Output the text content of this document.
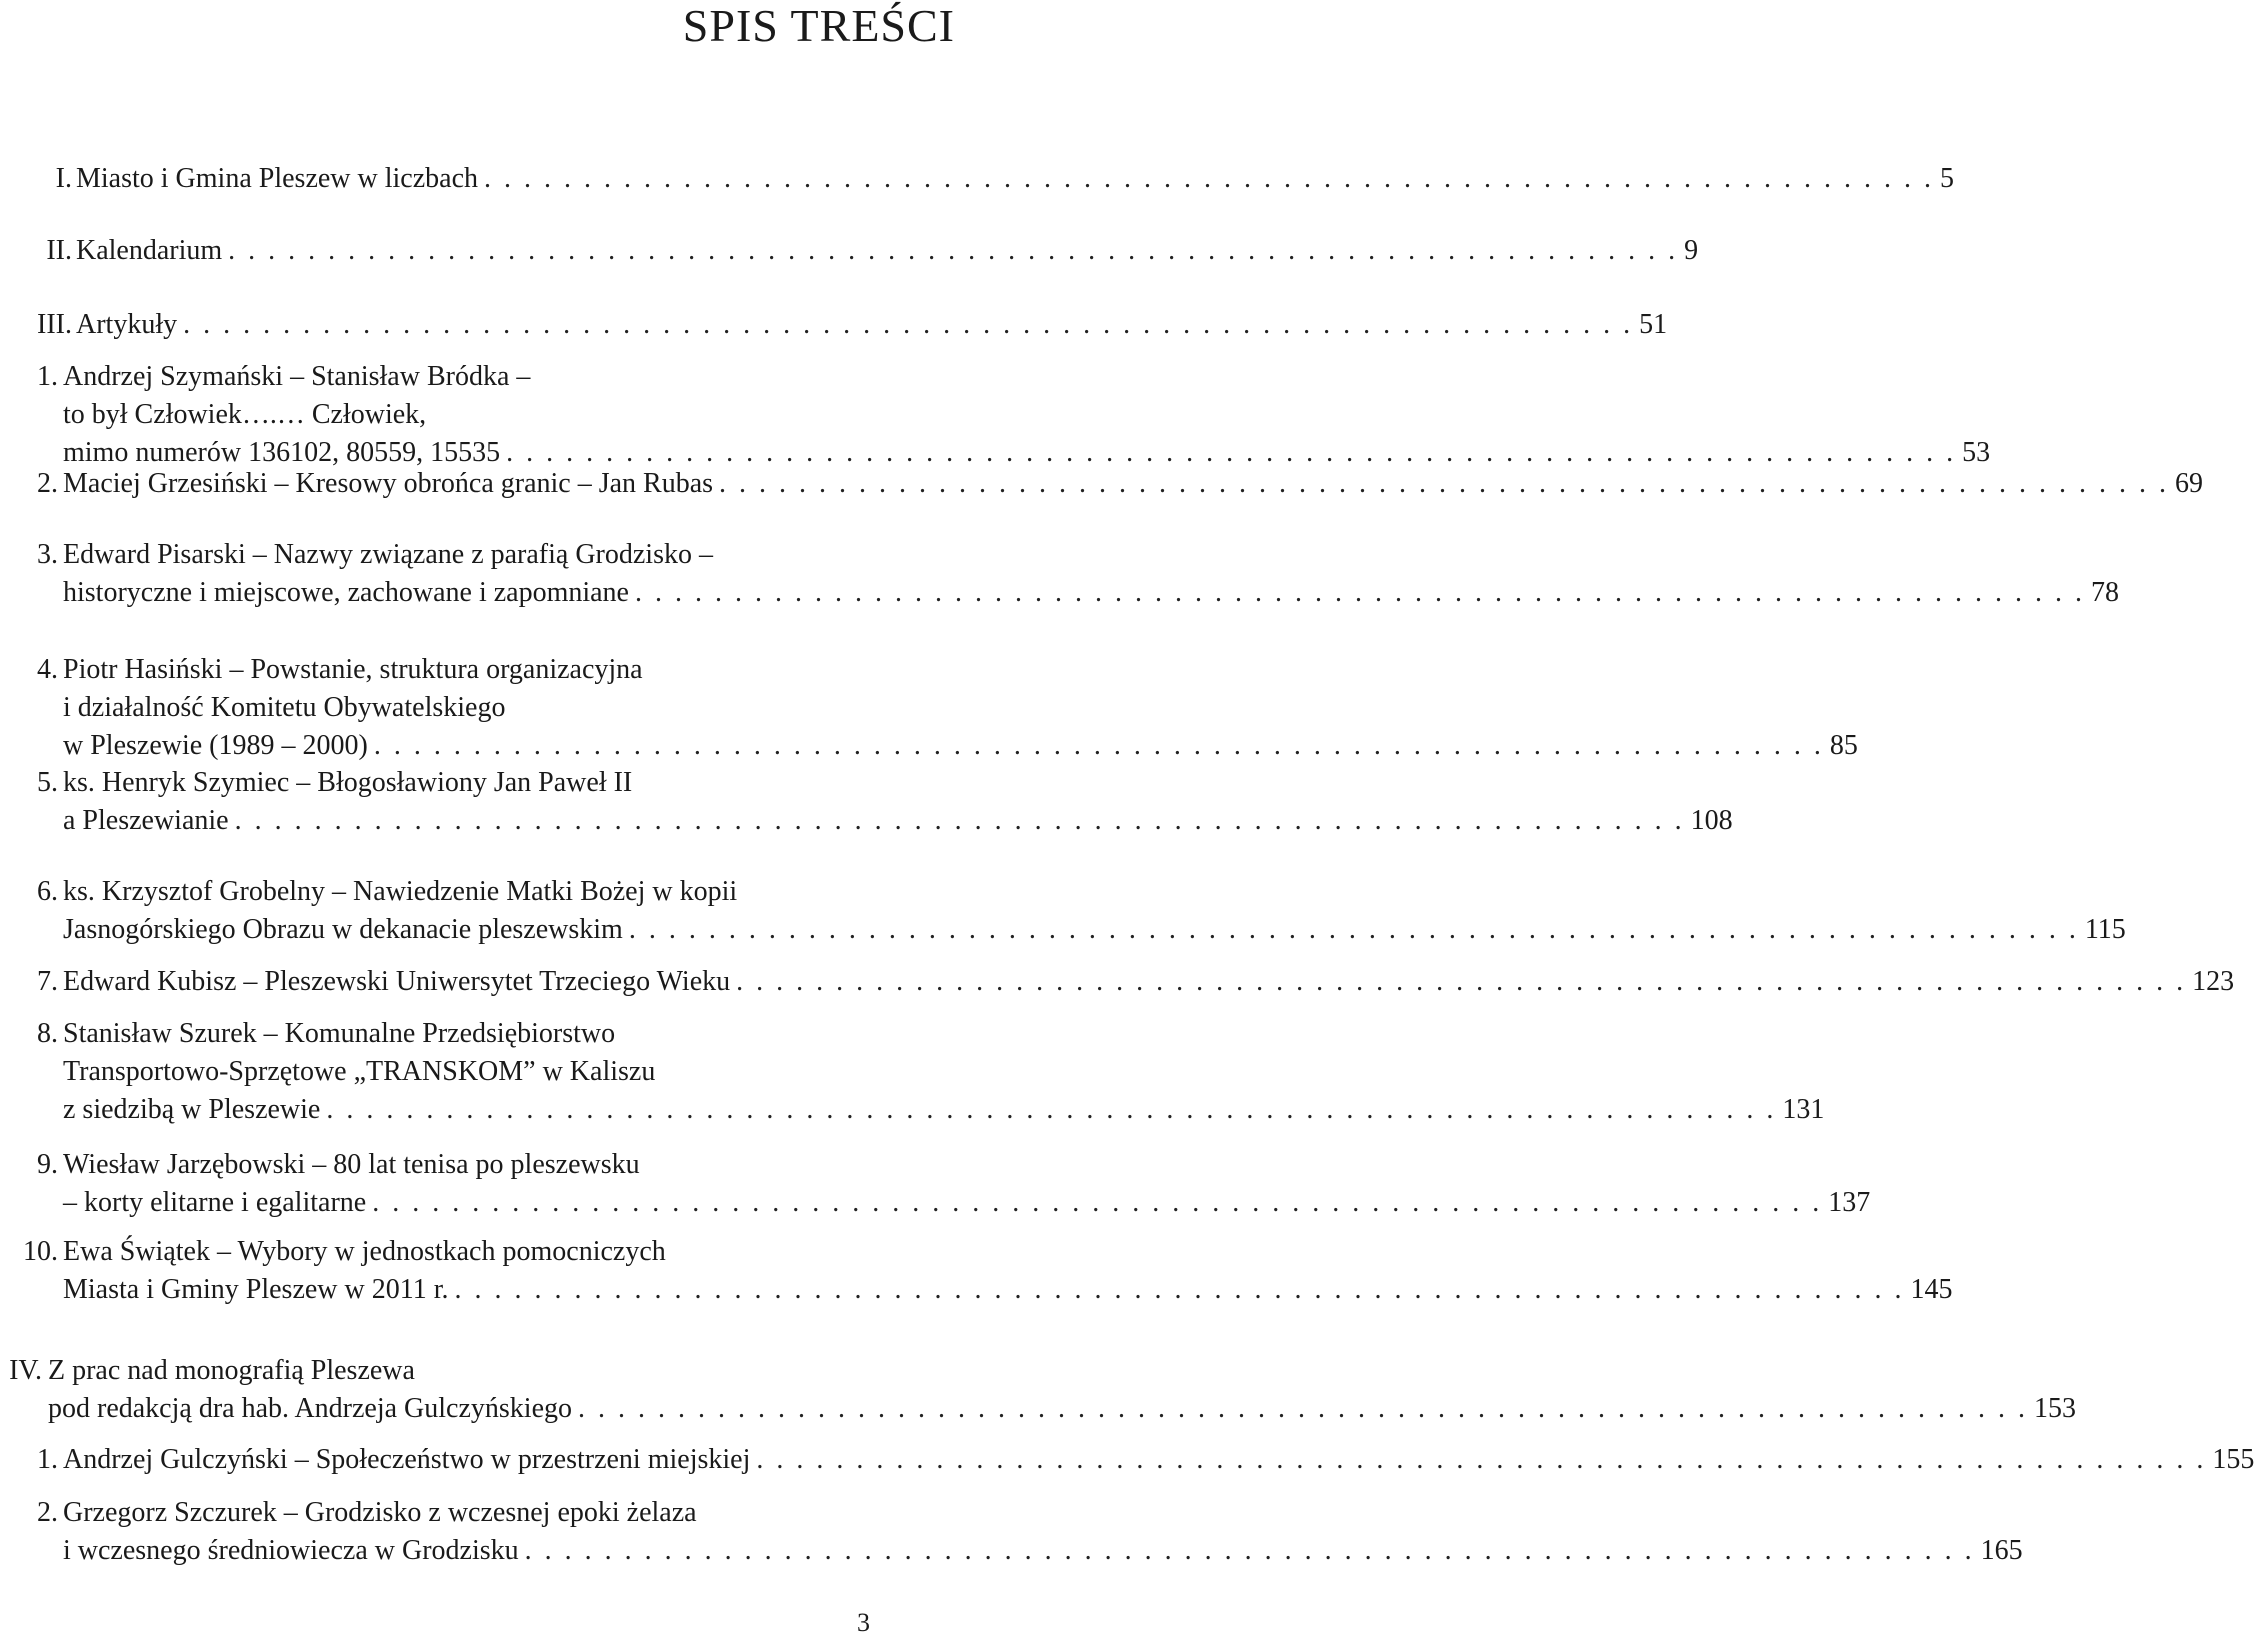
SPIS TREŚCI
I. Miasto i Gmina Pleszew w liczbach . . . . . . . . . . . . . . . . . . . . . . . . . . . . . . . . . . . . . . . . . . . . . . . . . . . . . . . . . . . . . . . . . . . . . . . . . 5
II. Kalendarium . . . . . . . . . . . . . . . . . . . . . . . . . . . . . . . . . . . . . . . . . . . . . . . . . . . . . . . . . . . . . . . . . . . . . . . . . 9
III. Artykuły . . . . . . . . . . . . . . . . . . . . . . . . . . . . . . . . . . . . . . . . . . . . . . . . . . . . . . . . . . . . . . . . . . . . . . . . . 51
1. Andrzej Szymański – Stanisław Bródka –
to był Człowiek….… Człowiek,
mimo numerów 136102, 80559, 15535 . . . . . . . . . . . . . . . . . . . . . . . . . . . . . . . . . . . . . . . . . . . . . . . . . . . . . . . . . . . . . . . . . . . . . . . . . 53
2. Maciej Grzesiński – Kresowy obrońca granic – Jan Rubas . . . . . . . . . . . . . . . . . . . . . . . . . . . . . . . . . . . . . . . . . . . . . . . . . . . . . . . . . . . . . . . . . . . . . . . . . 69
3. Edward Pisarski – Nazwy związane z parafią Grodzisko –
historyczne i miejscowe, zachowane i zapomniane . . . . . . . . . . . . . . . . . . . . . . . . . . . . . . . . . . . . . . . . . . . . . . . . . . . . . . . . . . . . . . . . . . . . . . . . . 78
4. Piotr Hasiński – Powstanie, struktura organizacyjna
i działalność Komitetu Obywatelskiego
w Pleszewie (1989 – 2000) . . . . . . . . . . . . . . . . . . . . . . . . . . . . . . . . . . . . . . . . . . . . . . . . . . . . . . . . . . . . . . . . . . . . . . . . . 85
5. ks. Henryk Szymiec – Błogosławiony Jan Paweł II
a Pleszewianie . . . . . . . . . . . . . . . . . . . . . . . . . . . . . . . . . . . . . . . . . . . . . . . . . . . . . . . . . . . . . . . . . . . . . . . . . 108
6. ks. Krzysztof Grobelny – Nawiedzenie Matki Bożej w kopii
Jasnogórskiego Obrazu w dekanacie pleszewskim . . . . . . . . . . . . . . . . . . . . . . . . . . . . . . . . . . . . . . . . . . . . . . . . . . . . . . . . . . . . . . . . . . . . . . . . . 115
7. Edward Kubisz – Pleszewski Uniwersytet Trzeciego Wieku . . . . . . . . . . . . . . . . . . . . . . . . . . . . . . . . . . . . . . . . . . . . . . . . . . . . . . . . . . . . . . . . . . . . . . . . . 123
8. Stanisław Szurek – Komunalne Przedsiębiorstwo
Transportowo-Sprzętowe „TRANSKOM” w Kaliszu
z siedzibą w Pleszewie . . . . . . . . . . . . . . . . . . . . . . . . . . . . . . . . . . . . . . . . . . . . . . . . . . . . . . . . . . . . . . . . . . . . . . . . . 131
9. Wiesław Jarzębowski – 80 lat tenisa po pleszewsku
– korty elitarne i egalitarne . . . . . . . . . . . . . . . . . . . . . . . . . . . . . . . . . . . . . . . . . . . . . . . . . . . . . . . . . . . . . . . . . . . . . . . . . 137
10. Ewa Świątek – Wybory w jednostkach pomocniczych
Miasta i Gminy Pleszew w 2011 r. . . . . . . . . . . . . . . . . . . . . . . . . . . . . . . . . . . . . . . . . . . . . . . . . . . . . . . . . . . . . . . . . . . . . . . . . . 145
IV. Z prac nad monografią Pleszewa
pod redakcją dra hab. Andrzeja Gulczyńskiego . . . . . . . . . . . . . . . . . . . . . . . . . . . . . . . . . . . . . . . . . . . . . . . . . . . . . . . . . . . . . . . . . . . . . . . . . 153
1. Andrzej Gulczyński – Społeczeństwo w przestrzeni miejskiej . . . . . . . . . . . . . . . . . . . . . . . . . . . . . . . . . . . . . . . . . . . . . . . . . . . . . . . . . . . . . . . . . . . . . . . . . 155
2. Grzegorz Szczurek – Grodzisko z wczesnej epoki żelaza
i wczesnego średniowiecza w Grodzisku . . . . . . . . . . . . . . . . . . . . . . . . . . . . . . . . . . . . . . . . . . . . . . . . . . . . . . . . . . . . . . . . . . . . . . . . . 165
3
